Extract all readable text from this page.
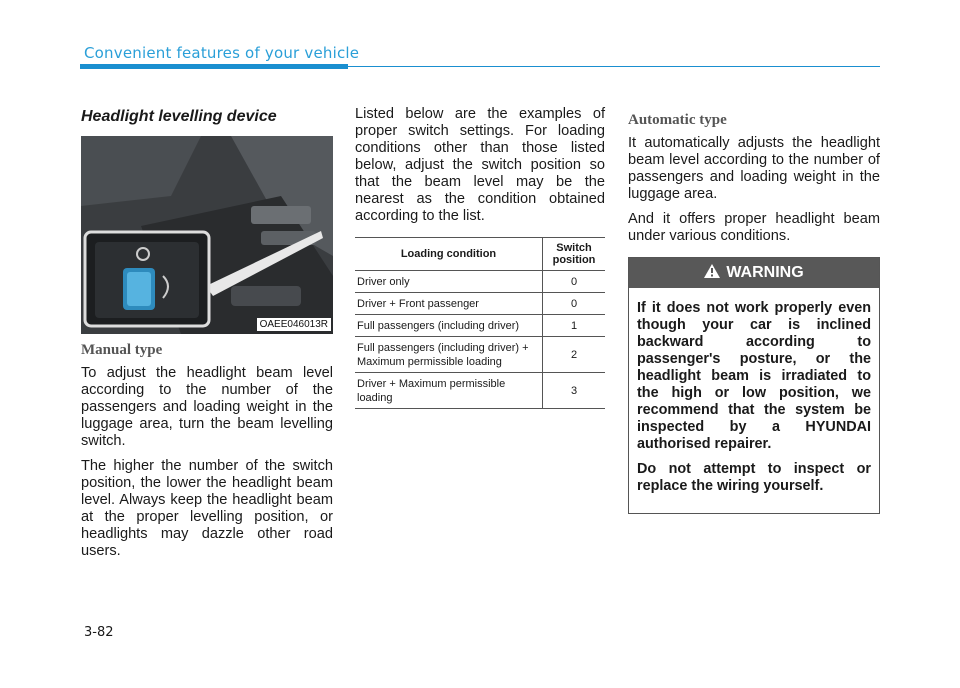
Convenient features of your vehicle
Headlight levelling device
OAEE046013R
Manual type

To adjust the headlight beam level according to the number of the passengers and loading weight in the luggage area, turn the beam levelling switch.

The higher the number of the switch position, the lower the headlight beam level. Always keep the headlight beam at the proper levelling position, or headlights may dazzle other road users.

Listed below are the examples of proper switch settings. For loading conditions other than those listed below, adjust the switch position so that the beam level may be the nearest as the condition obtained according to the list.

Loading condition	Switch position
Driver only	0
Driver + Front passenger	0
Full passengers (including driver)	1
Full passengers (including driver) + Maximum permissible loading	2
Driver + Maximum permissible loading	3
Automatic type

It automatically adjusts the headlight beam level according to the number of passengers and loading weight in the luggage area.

And it offers proper headlight beam under various conditions.

WARNING

If it does not work properly even though your car is inclined backward according to passenger's posture, or the headlight beam is irradiated to the high or low position, we recommend that the system be inspected by a HYUNDAI authorised repairer.

Do not attempt to inspect or replace the wiring yourself.

3-82
